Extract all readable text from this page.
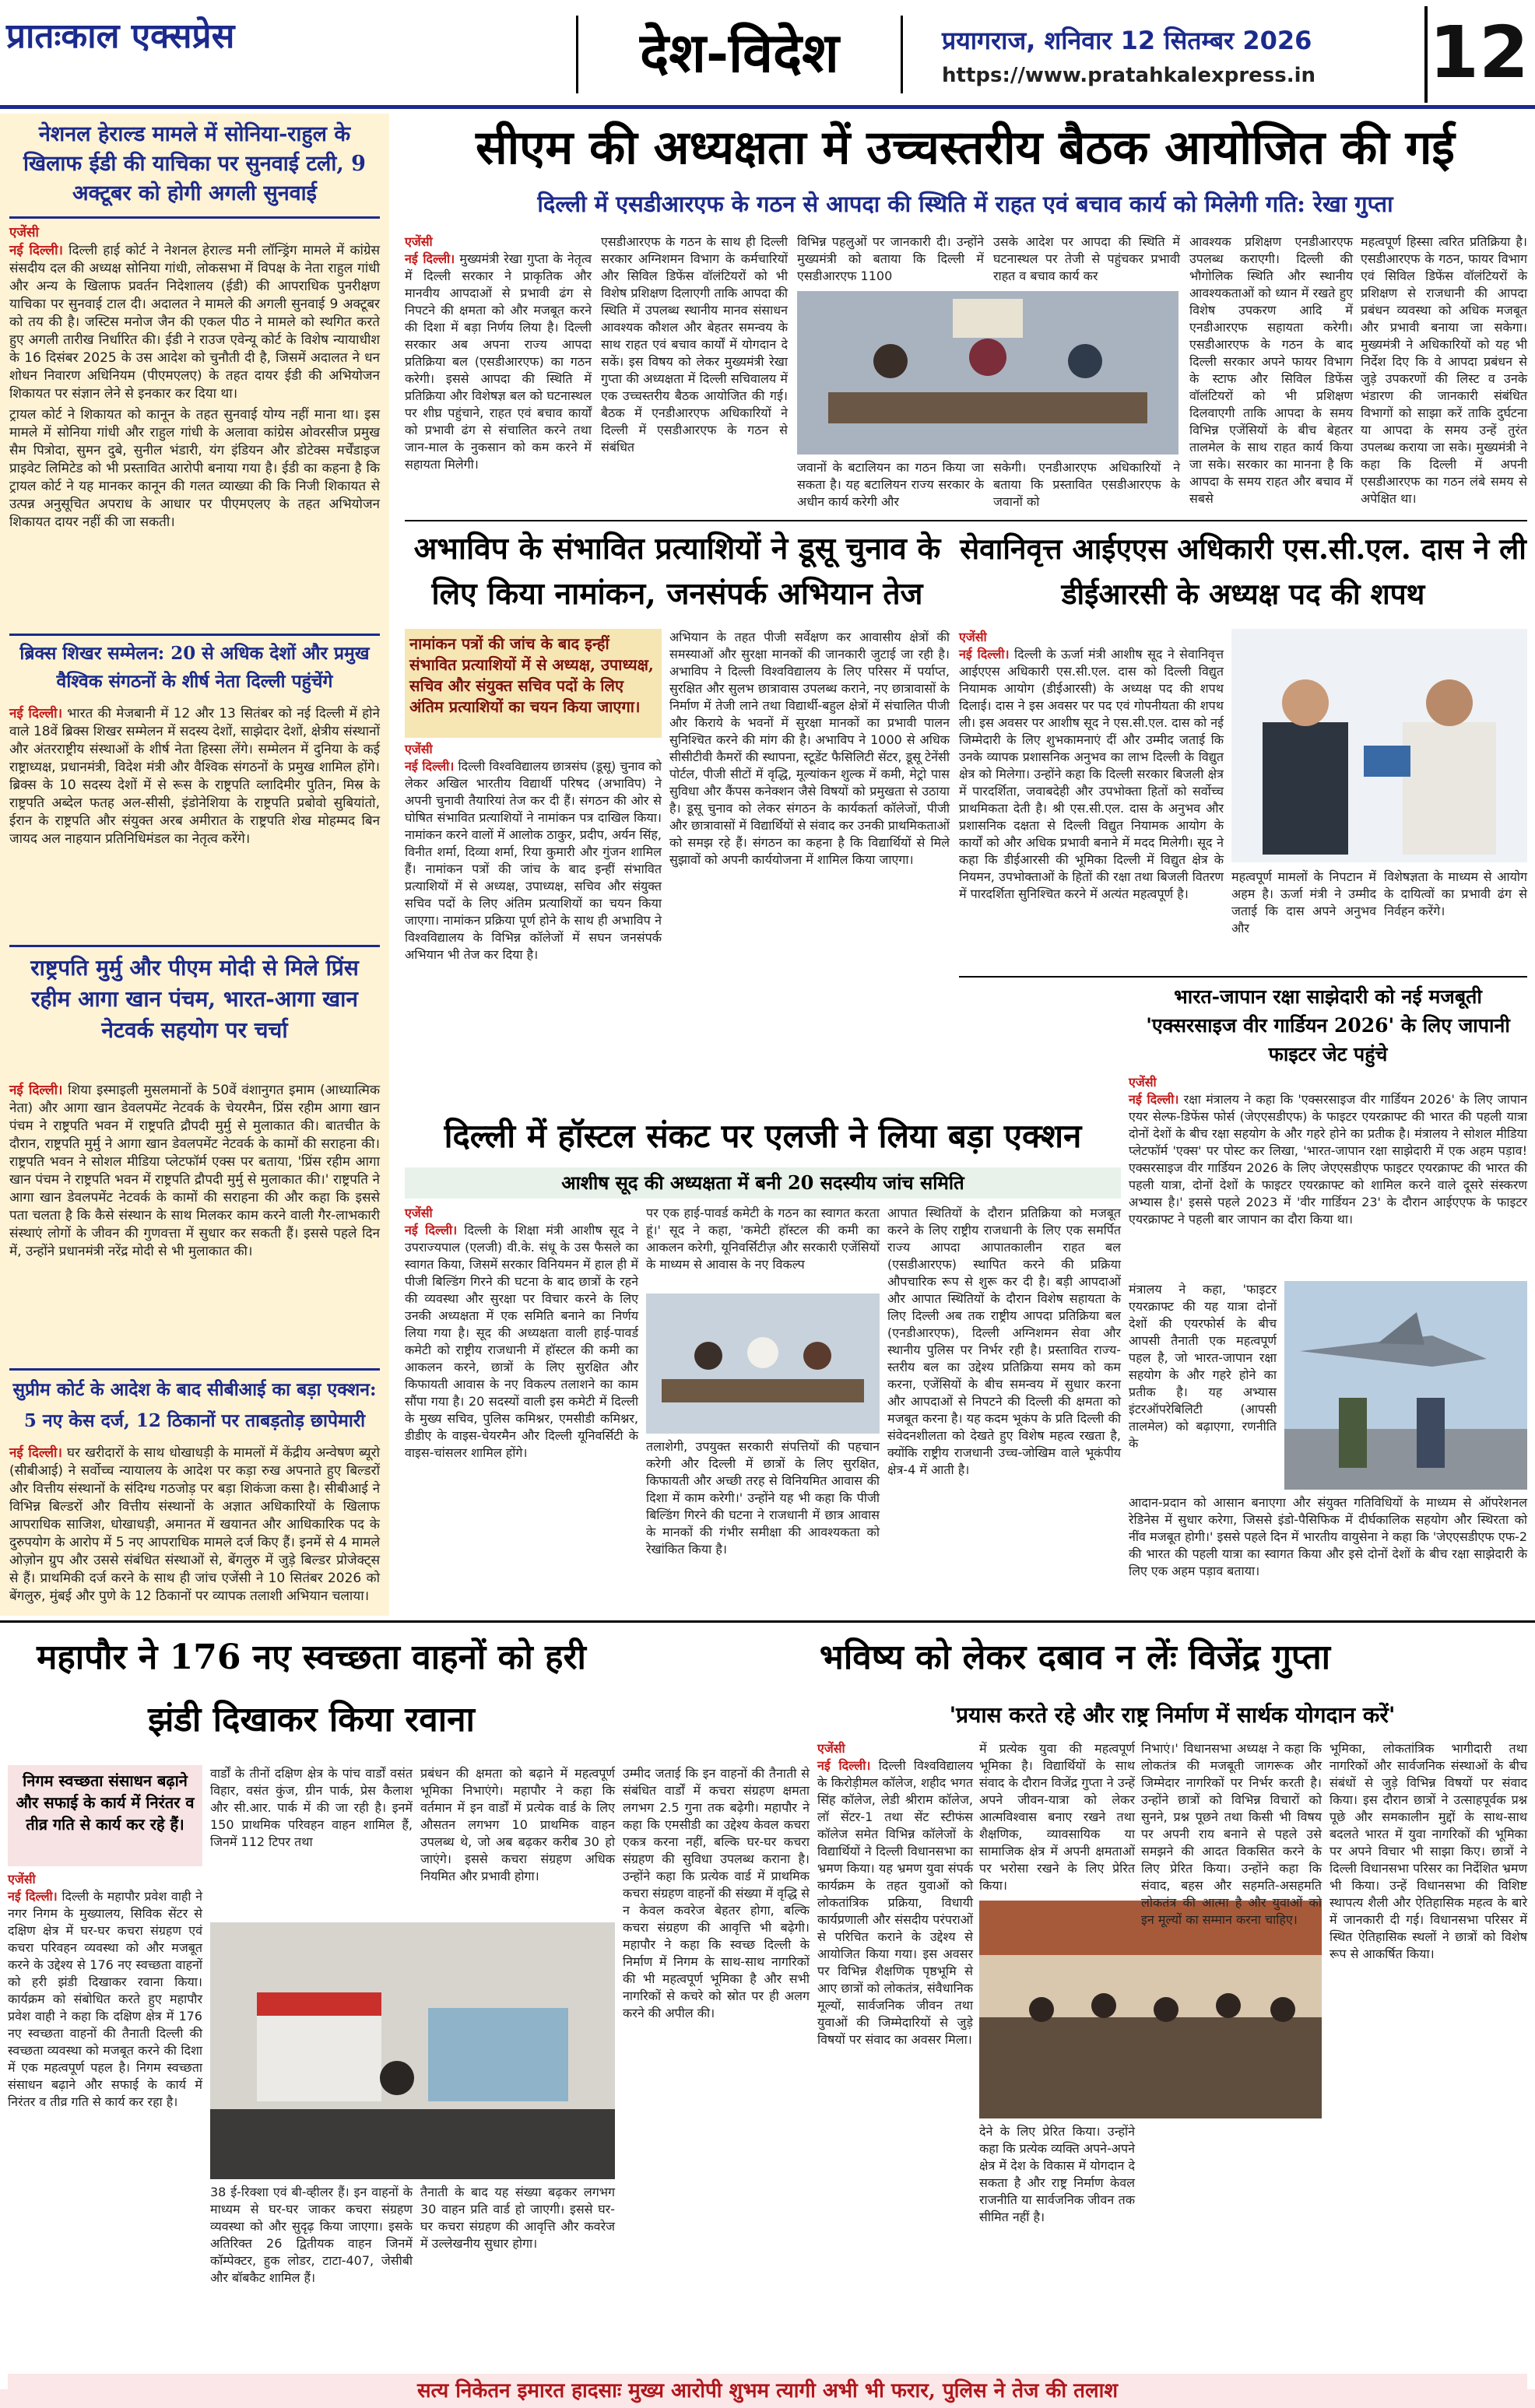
प्रातःकाल एक्सप्रेस	देश-विदेश	प्रयागराज, शनिवार 12 सितम्बर 2026
https://www.pratahkalexpress.in	12
नेशनल हेराल्ड मामले में सोनिया-राहुल के खिलाफ ईडी की याचिका पर सुनवाई टली, 9 अक्टूबर को होगी अगली सुनवाई

एजेंसी
नई दिल्ली। दिल्ली हाई कोर्ट ने नेशनल हेराल्ड मनी लॉन्ड्रिंग मामले में कांग्रेस संसदीय दल की अध्यक्ष सोनिया गांधी, लोकसभा में विपक्ष के नेता राहुल गांधी और अन्य के खिलाफ प्रवर्तन निदेशालय (ईडी) की आपराधिक पुनरीक्षण याचिका पर सुनवाई टाल दी। अदालत ने मामले की अगली सुनवाई 9 अक्टूबर को तय की है। जस्टिस मनोज जैन की एकल पीठ ने मामले को स्थगित करते हुए अगली तारीख निर्धारित की। ईडी ने राउज एवेन्यू कोर्ट के विशेष न्यायाधीश के 16 दिसंबर 2025 के उस आदेश को चुनौती दी है, जिसमें अदालत ने धन शोधन निवारण अधिनियम (पीएमएलए) के तहत दायर ईडी की अभियोजन शिकायत पर संज्ञान लेने से इनकार कर दिया था।

ट्रायल कोर्ट ने शिकायत को कानून के तहत सुनवाई योग्य नहीं माना था। इस मामले में सोनिया गांधी और राहुल गांधी के अलावा कांग्रेस ओवरसीज प्रमुख सैम पित्रोदा, सुमन दुबे, सुनील भंडारी, यंग इंडियन और डोटेक्स मर्चेंडाइज प्राइवेट लिमिटेड को भी प्रस्तावित आरोपी बनाया गया है। ईडी का कहना है कि ट्रायल कोर्ट ने यह मानकर कानून की गलत व्याख्या की कि निजी शिकायत से उत्पन्न अनुसूचित अपराध के आधार पर पीएमएलए के तहत अभियोजन शिकायत दायर नहीं की जा सकती।

ब्रिक्स शिखर सम्मेलन: 20 से अधिक देशों और प्रमुख वैश्विक संगठनों के शीर्ष नेता दिल्ली पहुंचेंगे

नई दिल्ली। भारत की मेजबानी में 12 और 13 सितंबर को नई दिल्ली में होने वाले 18वें ब्रिक्स शिखर सम्मेलन में सदस्य देशों, साझेदार देशों, क्षेत्रीय संस्थानों और अंतरराष्ट्रीय संस्थाओं के शीर्ष नेता हिस्सा लेंगे। सम्मेलन में दुनिया के कई राष्ट्राध्यक्ष, प्रधानमंत्री, विदेश मंत्री और वैश्विक संगठनों के प्रमुख शामिल होंगे। ब्रिक्स के 10 सदस्य देशों में से रूस के राष्ट्रपति व्लादिमीर पुतिन, मिस्र के राष्ट्रपति अब्देल फतह अल-सीसी, इंडोनेशिया के राष्ट्रपति प्रबोवो सुबियांतो, ईरान के राष्ट्रपति और संयुक्त अरब अमीरात के राष्ट्रपति शेख मोहम्मद बिन जायद अल नाहयान प्रतिनिधिमंडल का नेतृत्व करेंगे।

राष्ट्रपति मुर्मु और पीएम मोदी से मिले प्रिंस रहीम आगा खान पंचम, भारत-आगा खान नेटवर्क सहयोग पर चर्चा

नई दिल्ली। शिया इस्माइली मुसलमानों के 50वें वंशानुगत इमाम (आध्यात्मिक नेता) और आगा खान डेवलपमेंट नेटवर्क के चेयरमैन, प्रिंस रहीम आगा खान पंचम ने राष्ट्रपति भवन में राष्ट्रपति द्रौपदी मुर्मु से मुलाकात की। बातचीत के दौरान, राष्ट्रपति मुर्मु ने आगा खान डेवलपमेंट नेटवर्क के कामों की सराहना की। राष्ट्रपति भवन ने सोशल मीडिया प्लेटफॉर्म एक्स पर बताया, 'प्रिंस रहीम आगा खान पंचम ने राष्ट्रपति भवन में राष्ट्रपति द्रौपदी मुर्मु से मुलाकात की।' राष्ट्रपति ने आगा खान डेवलपमेंट नेटवर्क के कामों की सराहना की और कहा कि इससे पता चलता है कि कैसे संस्थान के साथ मिलकर काम करने वाली गैर-लाभकारी संस्थाएं लोगों के जीवन की गुणवत्ता में सुधार कर सकती हैं। इससे पहले दिन में, उन्होंने प्रधानमंत्री नरेंद्र मोदी से भी मुलाकात की।

सुप्रीम कोर्ट के आदेश के बाद सीबीआई का बड़ा एक्शन: 5 नए केस दर्ज, 12 ठिकानों पर ताबड़तोड़ छापेमारी

नई दिल्ली। घर खरीदारों के साथ धोखाधड़ी के मामलों में केंद्रीय अन्वेषण ब्यूरो (सीबीआई) ने सर्वोच्च न्यायालय के आदेश पर कड़ा रुख अपनाते हुए बिल्डरों और वित्तीय संस्थानों के संदिग्ध गठजोड़ पर बड़ा शिकंजा कसा है। सीबीआई ने विभिन्न बिल्डरों और वित्तीय संस्थानों के अज्ञात अधिकारियों के खिलाफ आपराधिक साजिश, धोखाधड़ी, अमानत में खयानत और आधिकारिक पद के दुरुपयोग के आरोप में 5 नए आपराधिक मामले दर्ज किए हैं। इनमें से 4 मामले ओज़ोन ग्रुप और उससे संबंधित संस्थाओं से, बेंगलुरु में जुड़े बिल्डर प्रोजेक्ट्स से हैं। प्राथमिकी दर्ज करने के साथ ही जांच एजेंसी ने 10 सितंबर 2026 को बेंगलुरु, मुंबई और पुणे के 12 ठिकानों पर व्यापक तलाशी अभियान चलाया।

सीएम की अध्यक्षता में उच्चस्तरीय बैठक आयोजित की गई
दिल्ली में एसडीआरएफ के गठन से आपदा की स्थिति में राहत एवं बचाव कार्य को मिलेगी गति: रेखा गुप्ता
एजेंसी
नई दिल्ली। मुख्यमंत्री रेखा गुप्ता के नेतृत्व में दिल्ली सरकार ने प्राकृतिक और मानवीय आपदाओं से प्रभावी ढंग से निपटने की क्षमता को और मजबूत करने की दिशा में बड़ा निर्णय लिया है। दिल्ली सरकार अब अपना राज्य आपदा प्रतिक्रिया बल (एसडीआरएफ) का गठन करेगी। इससे आपदा की स्थिति में प्रतिक्रिया और विशेषज्ञ बल को घटनास्थल पर शीघ्र पहुंचाने, राहत एवं बचाव कार्यों को प्रभावी ढंग से संचालित करने तथा जान-माल के नुकसान को कम करने में सहायता मिलेगी।
एसडीआरएफ के गठन के साथ ही दिल्ली सरकार अग्निशमन विभाग के कर्मचारियों और सिविल डिफेंस वॉलंटियरों को भी विशेष प्रशिक्षण दिलाएगी ताकि आपदा की स्थिति में उपलब्ध स्थानीय मानव संसाधन आवश्यक कौशल और बेहतर समन्वय के साथ राहत एवं बचाव कार्यों में योगदान दे सकें। इस विषय को लेकर मुख्यमंत्री रेखा गुप्ता की अध्यक्षता में दिल्ली सचिवालय में एक उच्चस्तरीय बैठक आयोजित की गई। बैठक में एनडीआरएफ अधिकारियों ने दिल्ली में एसडीआरएफ के गठन से संबंधित
विभिन्न पहलुओं पर जानकारी दी। उन्होंने मुख्यमंत्री को बताया कि दिल्ली में एसडीआरएफ 1100
जवानों के बटालियन का गठन किया जा सकता है। यह बटालियन राज्य सरकार के अधीन कार्य करेगी और
उसके आदेश पर आपदा की स्थिति में घटनास्थल पर तेजी से पहुंचकर प्रभावी राहत व बचाव कार्य कर
सकेगी। एनडीआरएफ अधिकारियों ने बताया कि प्रस्तावित एसडीआरएफ के जवानों को
आवश्यक प्रशिक्षण एनडीआरएफ उपलब्ध कराएगी। दिल्ली की भौगोलिक स्थिति और स्थानीय आवश्यकताओं को ध्यान में रखते हुए विशेष उपकरण आदि में एनडीआरएफ सहायता करेगी। एसडीआरएफ के गठन के बाद दिल्ली सरकार अपने फायर विभाग के स्टाफ और सिविल डिफेंस वॉलंटियरों को भी प्रशिक्षण दिलवाएगी ताकि आपदा के समय विभिन्न एजेंसियों के बीच बेहतर तालमेल के साथ राहत कार्य किया जा सके। सरकार का मानना है कि आपदा के समय राहत और बचाव में सबसे
महत्वपूर्ण हिस्सा त्वरित प्रतिक्रिया है। एसडीआरएफ के गठन, फायर विभाग एवं सिविल डिफेंस वॉलंटियरों के प्रशिक्षण से राजधानी की आपदा प्रबंधन व्यवस्था को अधिक मजबूत और प्रभावी बनाया जा सकेगा। मुख्यमंत्री ने अधिकारियों को यह भी निर्देश दिए कि वे आपदा प्रबंधन से जुड़े उपकरणों की लिस्ट व उनके भंडारण की जानकारी संबंधित विभागों को साझा करें ताकि दुर्घटना या आपदा के समय उन्हें तुरंत उपलब्ध कराया जा सके। मुख्यमंत्री ने कहा कि दिल्ली में अपनी एसडीआरएफ का गठन लंबे समय से अपेक्षित था।
अभाविप के संभावित प्रत्याशियों ने डूसू चुनाव के लिए किया नामांकन, जनसंपर्क अभियान तेज
नामांकन पत्रों की जांच के बाद इन्हीं संभावित प्रत्याशियों में से अध्यक्ष, उपाध्यक्ष, सचिव और संयुक्त सचिव पदों के लिए अंतिम प्रत्याशियों का चयन किया जाएगा।
एजेंसी
नई दिल्ली। दिल्ली विश्वविद्यालय छात्रसंघ (डूसू) चुनाव को लेकर अखिल भारतीय विद्यार्थी परिषद (अभाविप) ने अपनी चुनावी तैयारियां तेज कर दी हैं। संगठन की ओर से घोषित संभावित प्रत्याशियों ने नामांकन पत्र दाखिल किया। नामांकन करने वालों में आलोक ठाकुर, प्रदीप, अर्यन सिंह, विनीत शर्मा, दिव्या शर्मा, रिया कुमारी और गुंजन शामिल हैं। नामांकन पत्रों की जांच के बाद इन्हीं संभावित प्रत्याशियों में से अध्यक्ष, उपाध्यक्ष, सचिव और संयुक्त सचिव पदों के लिए अंतिम प्रत्याशियों का चयन किया जाएगा। नामांकन प्रक्रिया पूर्ण होने के साथ ही अभाविप ने विश्वविद्यालय के विभिन्न कॉलेजों में सघन जनसंपर्क अभियान भी तेज कर दिया है।
अभियान के तहत पीजी सर्वेक्षण कर आवासीय क्षेत्रों की समस्याओं और सुरक्षा मानकों की जानकारी जुटाई जा रही है। अभाविप ने दिल्ली विश्वविद्यालय के लिए परिसर में पर्याप्त, सुरक्षित और सुलभ छात्रावास उपलब्ध कराने, नए छात्रावासों के निर्माण में तेजी लाने तथा विद्यार्थी-बहुल क्षेत्रों में संचालित पीजी और किराये के भवनों में सुरक्षा मानकों का प्रभावी पालन सुनिश्चित करने की मांग की है। अभाविप ने 1000 से अधिक सीसीटीवी कैमरों की स्थापना, स्टूडेंट फैसिलिटी सेंटर, डूसू टेनेंसी पोर्टल, पीजी सीटों में वृद्धि, मूल्यांकन शुल्क में कमी, मेट्रो पास सुविधा और कैंपस कनेक्शन जैसे विषयों को प्रमुखता से उठाया है। डूसू चुनाव को लेकर संगठन के कार्यकर्ता कॉलेजों, पीजी और छात्रावासों में विद्यार्थियों से संवाद कर उनकी प्राथमिकताओं को समझ रहे हैं। संगठन का कहना है कि विद्यार्थियों से मिले सुझावों को अपनी कार्ययोजना में शामिल किया जाएगा।
सेवानिवृत्त आईएएस अधिकारी एस.सी.एल. दास ने ली डीईआरसी के अध्यक्ष पद की शपथ
एजेंसी
नई दिल्ली। दिल्ली के ऊर्जा मंत्री आशीष सूद ने सेवानिवृत्त आईएएस अधिकारी एस.सी.एल. दास को दिल्ली विद्युत नियामक आयोग (डीईआरसी) के अध्यक्ष पद की शपथ दिलाई। दास ने इस अवसर पर पद एवं गोपनीयता की शपथ ली। इस अवसर पर आशीष सूद ने एस.सी.एल. दास को नई जिम्मेदारी के लिए शुभकामनाएं दीं और उम्मीद जताई कि उनके व्यापक प्रशासनिक अनुभव का लाभ दिल्ली के विद्युत क्षेत्र को मिलेगा। उन्होंने कहा कि दिल्ली सरकार बिजली क्षेत्र में पारदर्शिता, जवाबदेही और उपभोक्ता हितों को सर्वोच्च प्राथमिकता देती है। श्री एस.सी.एल. दास के अनुभव और प्रशासनिक दक्षता से दिल्ली विद्युत नियामक आयोग के कार्यों को और अधिक प्रभावी बनाने में मदद मिलेगी। सूद ने कहा कि डीईआरसी की भूमिका दिल्ली में विद्युत क्षेत्र के नियमन, उपभोक्ताओं के हितों की रक्षा तथा बिजली वितरण में पारदर्शिता सुनिश्चित करने में अत्यंत महत्वपूर्ण है।
महत्वपूर्ण मामलों के निपटान में अहम है। ऊर्जा मंत्री ने उम्मीद जताई कि दास अपने अनुभव और
विशेषज्ञता के माध्यम से आयोग के दायित्वों का प्रभावी ढंग से निर्वहन करेंगे।
भारत-जापान रक्षा साझेदारी को नई मजबूती 'एक्सरसाइज वीर गार्डियन 2026' के लिए जापानी फाइटर जेट पहुंचे
एजेंसी
नई दिल्ली। रक्षा मंत्रालय ने कहा कि 'एक्सरसाइज वीर गार्डियन 2026' के लिए जापान एयर सेल्फ-डिफेंस फोर्स (जेएएसडीएफ) के फाइटर एयरक्राफ्ट की भारत की पहली यात्रा दोनों देशों के बीच रक्षा सहयोग के और गहरे होने का प्रतीक है। मंत्रालय ने सोशल मीडिया प्लेटफॉर्म 'एक्स' पर पोस्ट कर लिखा, 'भारत-जापान रक्षा साझेदारी में एक अहम पड़ाव! एक्सरसाइज वीर गार्डियन 2026 के लिए जेएएसडीएफ फाइटर एयरक्राफ्ट की भारत की पहली यात्रा, दोनों देशों के फाइटर एयरक्राफ्ट को शामिल करने वाले दूसरे संस्करण अभ्यास है।' इससे पहले 2023 में 'वीर गार्डियन 23' के दौरान आईएएफ के फाइटर एयरक्राफ्ट ने पहली बार जापान का दौरा किया था।
मंत्रालय ने कहा, 'फाइटर एयरक्राफ्ट की यह यात्रा दोनों देशों की एयरफोर्स के बीच आपसी तैनाती एक महत्वपूर्ण पहल है, जो भारत-जापान रक्षा सहयोग के और गहरे होने का प्रतीक है। यह अभ्यास इंटरऑपरेबिलिटी (आपसी तालमेल) को बढ़ाएगा, रणनीति के
आदान-प्रदान को आसान बनाएगा और संयुक्त गतिविधियों के माध्यम से ऑपरेशनल रेडिनेस में सुधार करेगा, जिससे इंडो-पैसिफिक में दीर्घकालिक सहयोग और स्थिरता को नींव मजबूत होगी।' इससे पहले दिन में भारतीय वायुसेना ने कहा कि 'जेएएसडीएफ एफ-2 की भारत की पहली यात्रा का स्वागत किया और इसे दोनों देशों के बीच रक्षा साझेदारी के लिए एक अहम पड़ाव बताया।
दिल्ली में हॉस्टल संकट पर एलजी ने लिया बड़ा एक्शन
आशीष सूद की अध्यक्षता में बनी 20 सदस्यीय जांच समिति
एजेंसी
नई दिल्ली। दिल्ली के शिक्षा मंत्री आशीष सूद ने उपराज्यपाल (एलजी) वी.के. संधू के उस फैसले का स्वागत किया, जिसमें सरकार विनियमन में हाल ही में पीजी बिल्डिंग गिरने की घटना के बाद छात्रों के रहने की व्यवस्था और सुरक्षा पर विचार करने के लिए उनकी अध्यक्षता में एक समिति बनाने का निर्णय लिया गया है। सूद की अध्यक्षता वाली हाई-पावर्ड कमेटी को राष्ट्रीय राजधानी में हॉस्टल की कमी का आकलन करने, छात्रों के लिए सुरक्षित और किफायती आवास के नए विकल्प तलाशने का काम सौंपा गया है। 20 सदस्यों वाली इस कमेटी में दिल्ली के मुख्य सचिव, पुलिस कमिश्नर, एमसीडी कमिश्नर, डीडीए के वाइस-चेयरमैन और दिल्ली यूनिवर्सिटी के वाइस-चांसलर शामिल होंगे।
पर एक हाई-पावर्ड कमेटी के गठन का स्वागत करता हूं।' सूद ने कहा, 'कमेटी हॉस्टल की कमी का आकलन करेगी, यूनिवर्सिटीज़ और सरकारी एजेंसियों के माध्यम से आवास के नए विकल्प
तलाशेगी, उपयुक्त सरकारी संपत्तियों की पहचान करेगी और दिल्ली में छात्रों के लिए सुरक्षित, किफायती और अच्छी तरह से विनियमित आवास की दिशा में काम करेगी।' उन्होंने यह भी कहा कि पीजी बिल्डिंग गिरने की घटना ने राजधानी में छात्र आवास के मानकों की गंभीर समीक्षा की आवश्यकता को रेखांकित किया है।
आपात स्थितियों के दौरान प्रतिक्रिया को मजबूत करने के लिए राष्ट्रीय राजधानी के लिए एक समर्पित राज्य आपदा आपातकालीन राहत बल (एसडीआरएफ) स्थापित करने की प्रक्रिया औपचारिक रूप से शुरू कर दी है। बड़ी आपदाओं और आपात स्थितियों के दौरान विशेष सहायता के लिए दिल्ली अब तक राष्ट्रीय आपदा प्रतिक्रिया बल (एनडीआरएफ), दिल्ली अग्निशमन सेवा और स्थानीय पुलिस पर निर्भर रही है। प्रस्तावित राज्य-स्तरीय बल का उद्देश्य प्रतिक्रिया समय को कम करना, एजेंसियों के बीच समन्वय में सुधार करना और आपदाओं से निपटने की दिल्ली की क्षमता को मजबूत करना है। यह कदम भूकंप के प्रति दिल्ली की संवेदनशीलता को देखते हुए विशेष महत्व रखता है, क्योंकि राष्ट्रीय राजधानी उच्च-जोखिम वाले भूकंपीय क्षेत्र-4 में आती है।
महापौर ने 176 नए स्वच्छता वाहनों को हरी झंडी दिखाकर किया रवाना
निगम स्वच्छता संसाधन बढ़ाने और सफाई के कार्य में निरंतर व तीव्र गति से कार्य कर रहे हैं।
एजेंसी
नई दिल्ली। दिल्ली के महापौर प्रवेश वाही ने नगर निगम के मुख्यालय, सिविक सेंटर से दक्षिण क्षेत्र में घर-घर कचरा संग्रहण एवं कचरा परिवहन व्यवस्था को और मजबूत करने के उद्देश्य से 176 नए स्वच्छता वाहनों को हरी झंडी दिखाकर रवाना किया। कार्यक्रम को संबोधित करते हुए महापौर प्रवेश वाही ने कहा कि दक्षिण क्षेत्र में 176 नए स्वच्छता वाहनों की तैनाती दिल्ली की स्वच्छता व्यवस्था को मजबूत करने की दिशा में एक महत्वपूर्ण पहल है। निगम स्वच्छता संसाधन बढ़ाने और सफाई के कार्य में निरंतर व तीव्र गति से कार्य कर रहा है।
वार्डों के तीनों दक्षिण क्षेत्र के पांच वार्डों वसंत विहार, वसंत कुंज, ग्रीन पार्क, प्रेस कैलाश और सी.आर. पार्क में की जा रही है। इनमें 150 प्राथमिक परिवहन वाहन शामिल हैं, जिनमें 112 टिपर तथा
38 ई-रिक्शा एवं बी-व्हीलर हैं। इन वाहनों के माध्यम से घर-घर जाकर कचरा संग्रहण व्यवस्था को और सुदृढ़ किया जाएगा। इसके अतिरिक्त 26 द्वितीयक वाहन जिनमें कॉम्पेक्टर, हुक लोडर, टाटा-407, जेसीबी और बॉबकैट शामिल हैं।
प्रबंधन की क्षमता को बढ़ाने में महत्वपूर्ण भूमिका निभाएंगे। महापौर ने कहा कि वर्तमान में इन वार्डों में प्रत्येक वार्ड के लिए औसतन लगभग 10 प्राथमिक वाहन उपलब्ध थे, जो अब बढ़कर करीब 30 हो जाएंगे। इससे कचरा संग्रहण अधिक नियमित और प्रभावी होगा।
तैनाती के बाद यह संख्या बढ़कर लगभग 30 वाहन प्रति वार्ड हो जाएगी। इससे घर-घर कचरा संग्रहण की आवृत्ति और कवरेज में उल्लेखनीय सुधार होगा।
उम्मीद जताई कि इन वाहनों की तैनाती से संबंधित वार्डों में कचरा संग्रहण क्षमता लगभग 2.5 गुना तक बढ़ेगी। महापौर ने कहा कि एमसीडी का उद्देश्य केवल कचरा एकत्र करना नहीं, बल्कि घर-घर कचरा संग्रहण की सुविधा उपलब्ध कराना है। उन्होंने कहा कि प्रत्येक वार्ड में प्राथमिक कचरा संग्रहण वाहनों की संख्या में वृद्धि से न केवल कवरेज बेहतर होगा, बल्कि कचरा संग्रहण की आवृत्ति भी बढ़ेगी। महापौर ने कहा कि स्वच्छ दिल्ली के निर्माण में निगम के साथ-साथ नागरिकों की भी महत्वपूर्ण भूमिका है और सभी नागरिकों से कचरे को स्रोत पर ही अलग करने की अपील की।
भविष्य को लेकर दबाव न लेंः विजेंद्र गुप्ता
'प्रयास करते रहे और राष्ट्र निर्माण में सार्थक योगदान करें'
एजेंसी
नई दिल्ली। दिल्ली विश्वविद्यालय के किरोड़ीमल कॉलेज, शहीद भगत सिंह कॉलेज, लेडी श्रीराम कॉलेज, लॉ सेंटर-1 तथा सेंट स्टीफंस कॉलेज समेत विभिन्न कॉलेजों के विद्यार्थियों ने दिल्ली विधानसभा का भ्रमण किया। यह भ्रमण युवा संपर्क कार्यक्रम के तहत युवाओं को लोकतांत्रिक प्रक्रिया, विधायी कार्यप्रणाली और संसदीय परंपराओं से परिचित कराने के उद्देश्य से आयोजित किया गया। इस अवसर पर विभिन्न शैक्षणिक पृष्ठभूमि से आए छात्रों को लोकतंत्र, संवैधानिक मूल्यों, सार्वजनिक जीवन तथा युवाओं की जिम्मेदारियों से जुड़े विषयों पर संवाद का अवसर मिला।
में प्रत्येक युवा की महत्वपूर्ण भूमिका है। विद्यार्थियों के साथ संवाद के दौरान विजेंद्र गुप्ता ने उन्हें अपने जीवन-यात्रा को लेकर आत्मविश्वास बनाए रखने तथा शैक्षणिक, व्यावसायिक या सामाजिक क्षेत्र में अपनी क्षमताओं पर भरोसा रखने के लिए प्रेरित किया।
देने के लिए प्रेरित किया। उन्होंने कहा कि प्रत्येक व्यक्ति अपने-अपने क्षेत्र में देश के विकास में योगदान दे सकता है और राष्ट्र निर्माण केवल राजनीति या सार्वजनिक जीवन तक सीमित नहीं है।
निभाएं।' विधानसभा अध्यक्ष ने कहा कि लोकतंत्र की मजबूती जागरूक और जिम्मेदार नागरिकों पर निर्भर करती है। उन्होंने छात्रों को विभिन्न विचारों को सुनने, प्रश्न पूछने तथा किसी भी विषय पर अपनी राय बनाने से पहले उसे समझने की आदत विकसित करने के लिए प्रेरित किया। उन्होंने कहा कि संवाद, बहस और सहमति-असहमति लोकतंत्र की आत्मा है और युवाओं को इन मूल्यों का सम्मान करना चाहिए।
भूमिका, लोकतांत्रिक भागीदारी तथा नागरिकों और सार्वजनिक संस्थाओं के बीच संबंधों से जुड़े विभिन्न विषयों पर संवाद किया। इस दौरान छात्रों ने उत्साहपूर्वक प्रश्न पूछे और समकालीन मुद्दों के साथ-साथ बदलते भारत में युवा नागरिकों की भूमिका पर अपने विचार भी साझा किए। छात्रों ने दिल्ली विधानसभा परिसर का निर्देशित भ्रमण भी किया। उन्हें विधानसभा की विशिष्ट स्थापत्य शैली और ऐतिहासिक महत्व के बारे में जानकारी दी गई। विधानसभा परिसर में स्थित ऐतिहासिक स्थलों ने छात्रों को विशेष रूप से आकर्षित किया।
सत्य निकेतन इमारत हादसाः मुख्य आरोपी शुभम त्यागी अभी भी फरार, पुलिस ने तेज की तलाश
